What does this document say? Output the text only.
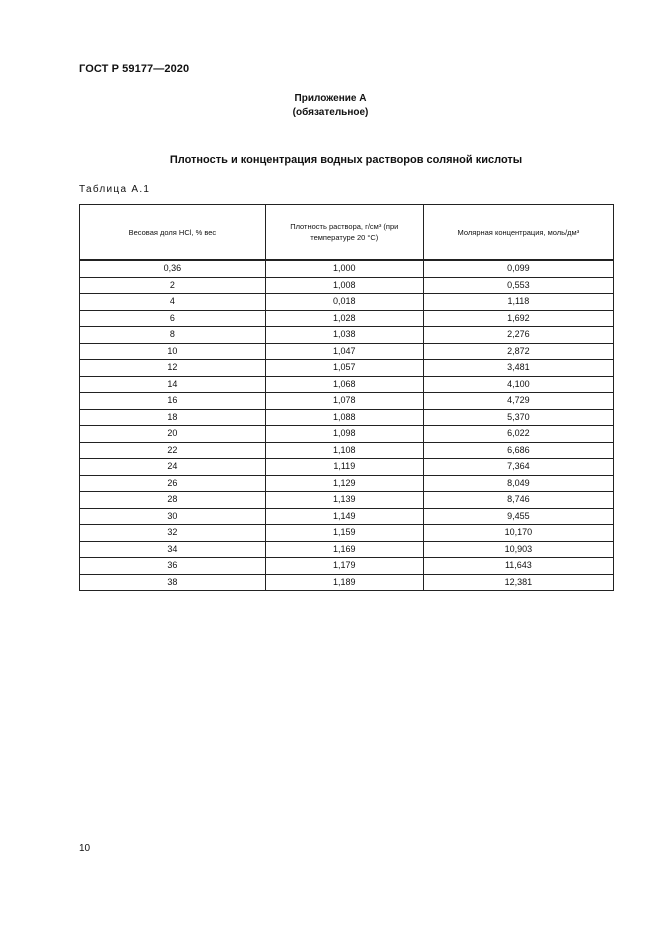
ГОСТ Р 59177—2020
Приложение А
(обязательное)
Плотность и концентрация водных растворов соляной кислоты
Таблица А.1
Весовая доля HCl, % вес	Плотность раствора, г/см³ (при температуре 20 °С)	Молярная концентрация, моль/дм³
0,36	1,000	0,099
2	1,008	0,553
4	0,018	1,118
6	1,028	1,692
8	1,038	2,276
10	1,047	2,872
12	1,057	3,481
14	1,068	4,100
16	1,078	4,729
18	1,088	5,370
20	1,098	6,022
22	1,108	6,686
24	1,119	7,364
26	1,129	8,049
28	1,139	8,746
30	1,149	9,455
32	1,159	10,170
34	1,169	10,903
36	1,179	11,643
38	1,189	12,381
10
